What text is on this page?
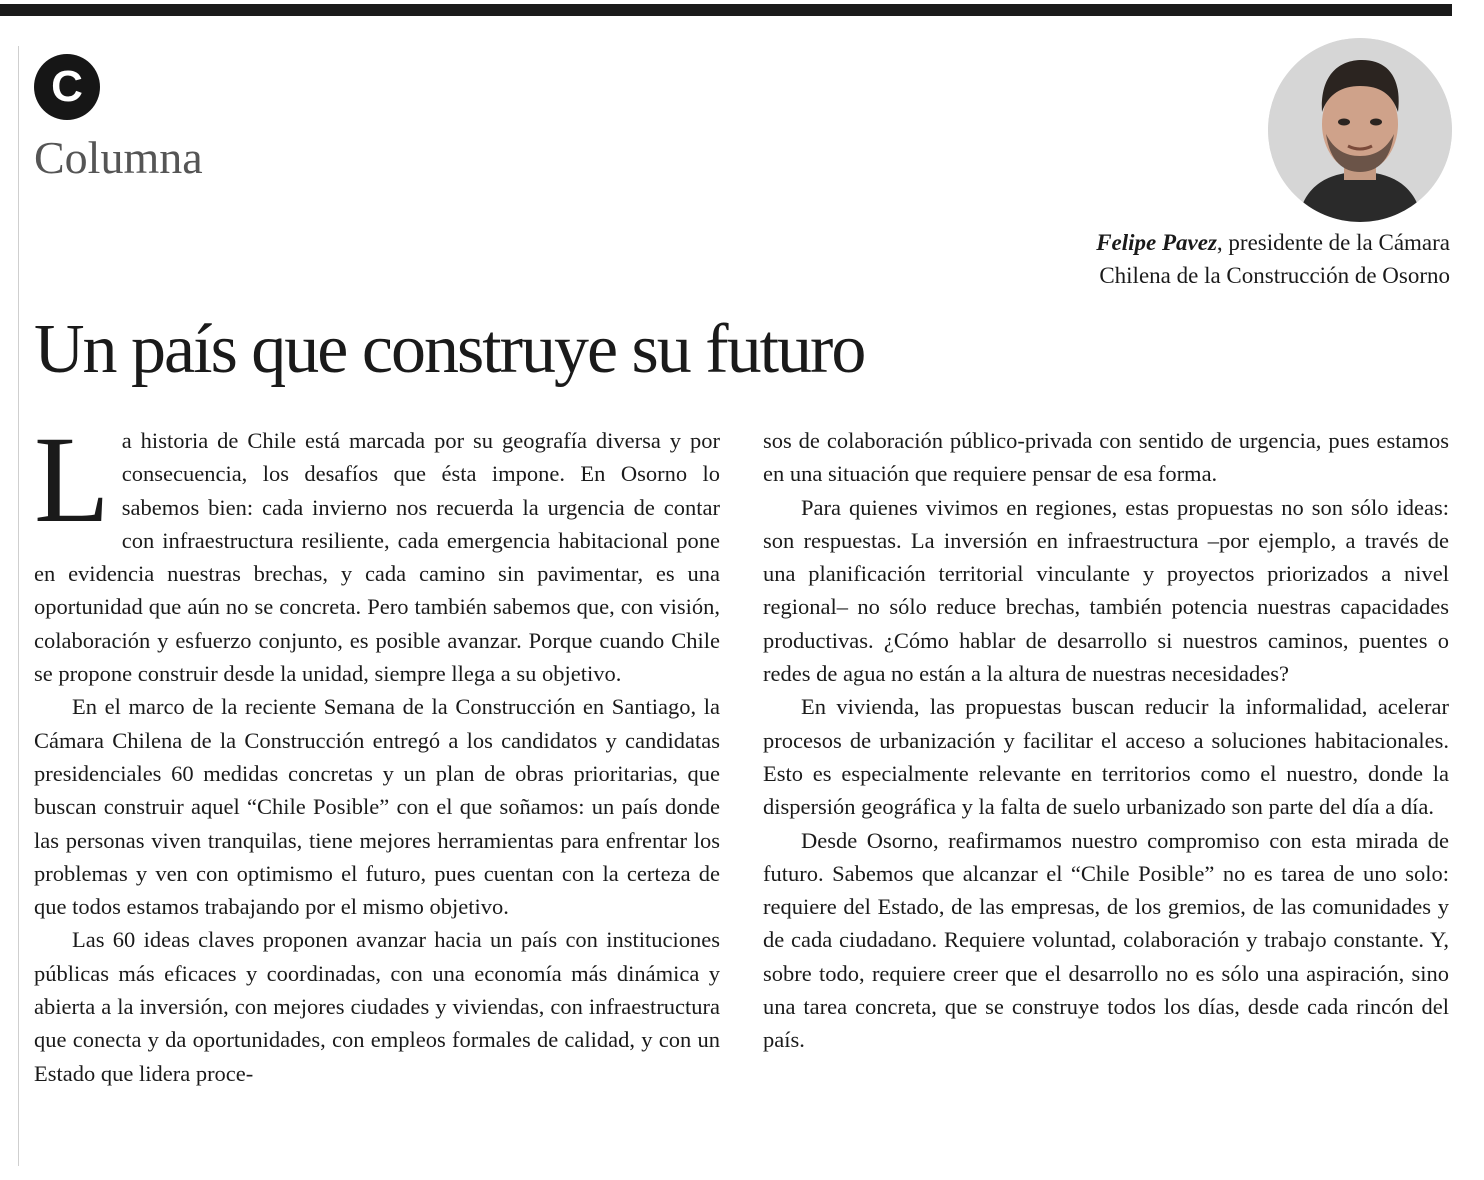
C
Columna
Felipe Pavez, presidente de la Cámara
Chilena de la Construcción de Osorno
Un país que construye su futuro

La historia de Chile está marcada por su geografía diversa y por consecuencia, los desafíos que ésta impone. En Osorno lo sabemos bien: cada invierno nos recuerda la urgencia de contar con infraestructura resiliente, cada emergencia habitacional pone en evidencia nuestras brechas, y cada camino sin pavimentar, es una oportunidad que aún no se concreta. Pero también sabemos que, con visión, colaboración y esfuerzo conjunto, es posible avanzar. Porque cuando Chile se propone construir desde la unidad, siempre llega a su objetivo.

En el marco de la reciente Semana de la Construcción en Santiago, la Cámara Chilena de la Construcción entregó a los candidatos y candidatas presidenciales 60 medidas concretas y un plan de obras prioritarias, que buscan construir aquel “Chile Posible” con el que soñamos: un país donde las personas viven tranquilas, tiene mejores herramientas para enfrentar los problemas y ven con optimismo el futuro, pues cuentan con la certeza de que todos estamos trabajando por el mismo objetivo.

Las 60 ideas claves proponen avanzar hacia un país con instituciones públicas más eficaces y coordinadas, con una economía más dinámica y abierta a la inversión, con mejores ciudades y viviendas, con infraestructura que conecta y da oportunidades, con empleos formales de calidad, y con un Estado que lidera proce-

sos de colaboración público-privada con sentido de urgencia, pues estamos en una situación que requiere pensar de esa forma.

Para quienes vivimos en regiones, estas propuestas no son sólo ideas: son respuestas. La inversión en infraestructura –por ejemplo, a través de una planificación territorial vinculante y proyectos priorizados a nivel regional– no sólo reduce brechas, también potencia nuestras capacidades productivas. ¿Cómo hablar de desarrollo si nuestros caminos, puentes o redes de agua no están a la altura de nuestras necesidades?

En vivienda, las propuestas buscan reducir la informalidad, acelerar procesos de urbanización y facilitar el acceso a soluciones habitacionales. Esto es especialmente relevante en territorios como el nuestro, donde la dispersión geográfica y la falta de suelo urbanizado son parte del día a día.

Desde Osorno, reafirmamos nuestro compromiso con esta mirada de futuro. Sabemos que alcanzar el “Chile Posible” no es tarea de uno solo: requiere del Estado, de las empresas, de los gremios, de las comunidades y de cada ciudadano. Requiere voluntad, colaboración y trabajo constante. Y, sobre todo, requiere creer que el desarrollo no es sólo una aspiración, sino una tarea concreta, que se construye todos los días, desde cada rincón del país.
